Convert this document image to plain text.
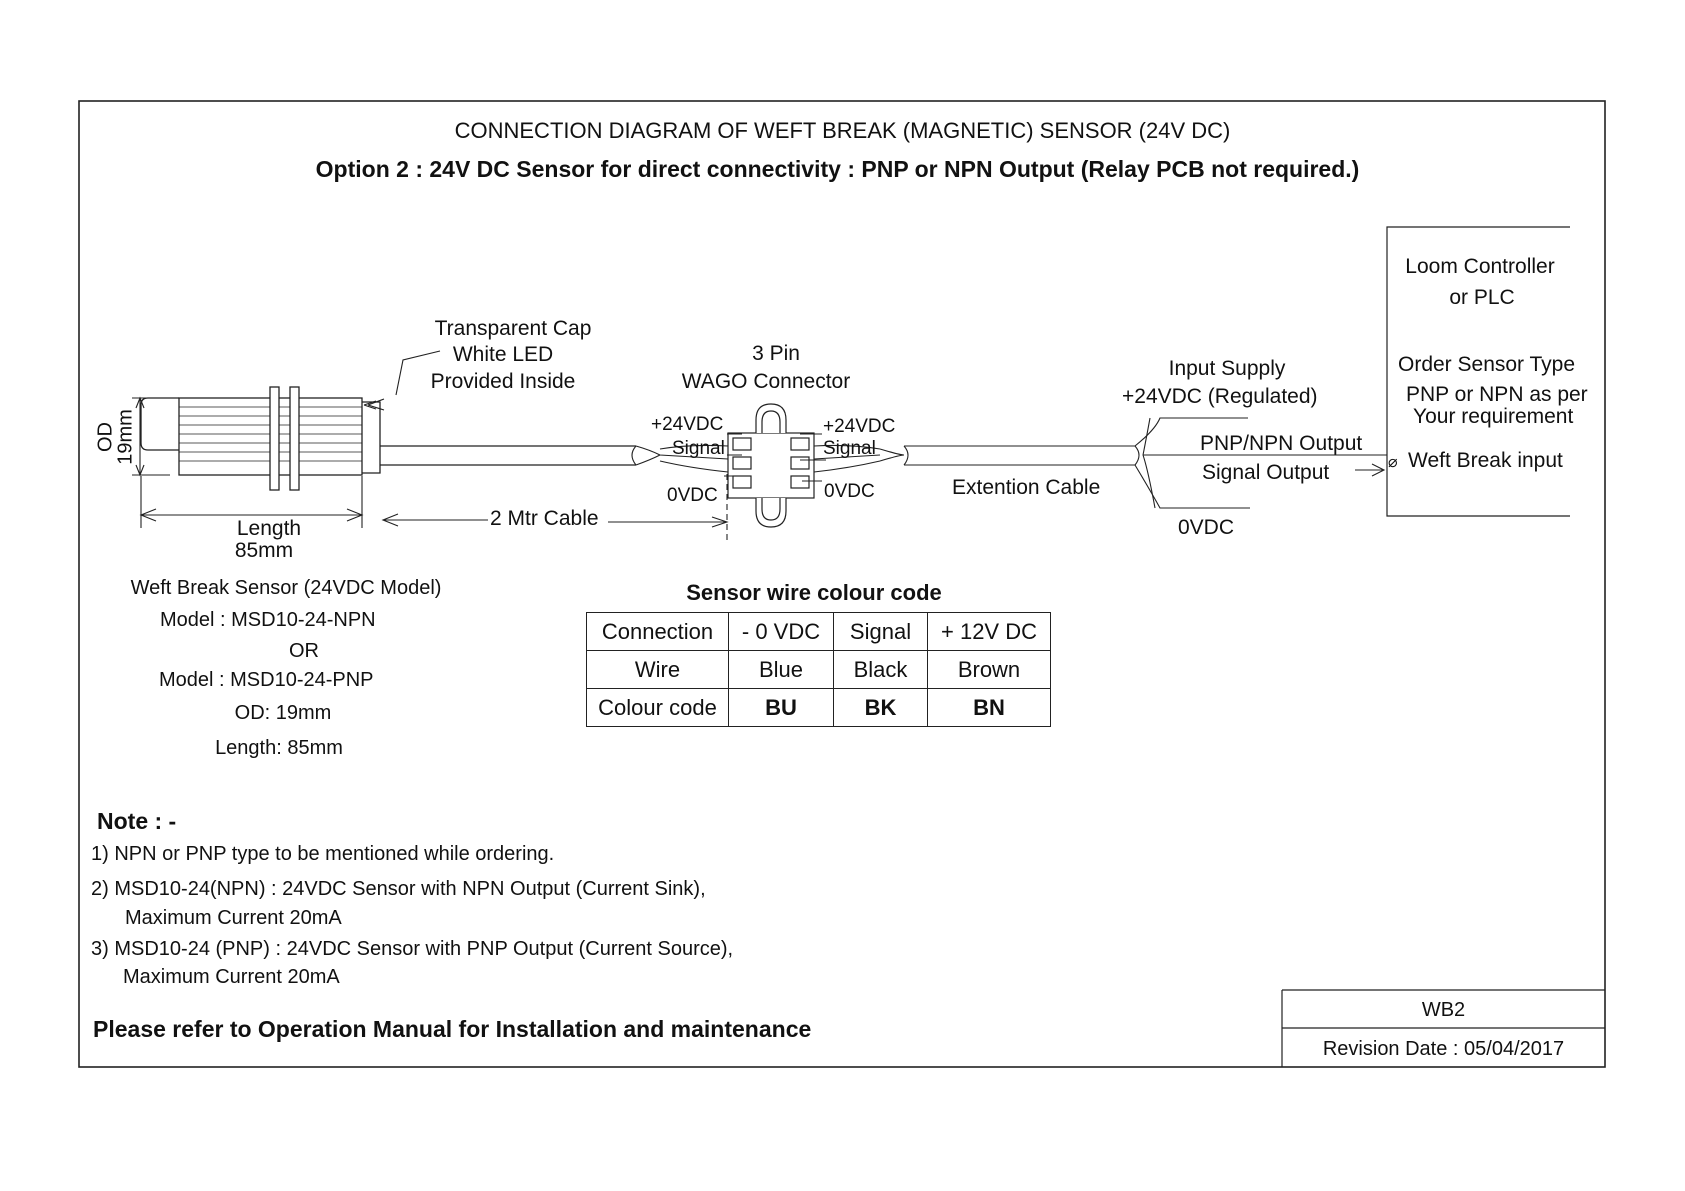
CONNECTION DIAGRAM OF WEFT BREAK (MAGNETIC) SENSOR (24V DC)
Option 2 : 24V DC Sensor for direct connectivity : PNP or NPN Output (Relay PCB not required.)
Transparent Cap
White LED
Provided Inside
OD
19mm
Length
85mm
2 Mtr Cable
3 Pin
WAGO Connector
+24VDC
Signal
0VDC
+24VDC
Signal
0VDC	Extention Cable
Input Supply
+24VDC (Regulated)
PNP/NPN Output
Signal Output
0VDC
Loom Controller
or PLC
Order Sensor Type
PNP or NPN as per
Your requirement
⌀ Weft Break input
Weft Break Sensor (24VDC Model)
Model : MSD10-24-NPN
OR
Model : MSD10-24-PNP
OD: 19mm
Length: 85mm
Sensor wire colour code
Connection	- 0 VDC	Signal	+ 12V DC
Wire	Blue	Black	Brown
Colour code	BU	BK	BN
Note : -
1) NPN or PNP type to be mentioned while ordering.
2) MSD10-24(NPN) : 24VDC Sensor with NPN Output (Current Sink),
Maximum Current 20mA
3) MSD10-24 (PNP) : 24VDC Sensor with PNP Output (Current Source),
Maximum Current 20mA
Please refer to Operation Manual for Installation and maintenance
WB2
Revision Date : 05/04/2017
